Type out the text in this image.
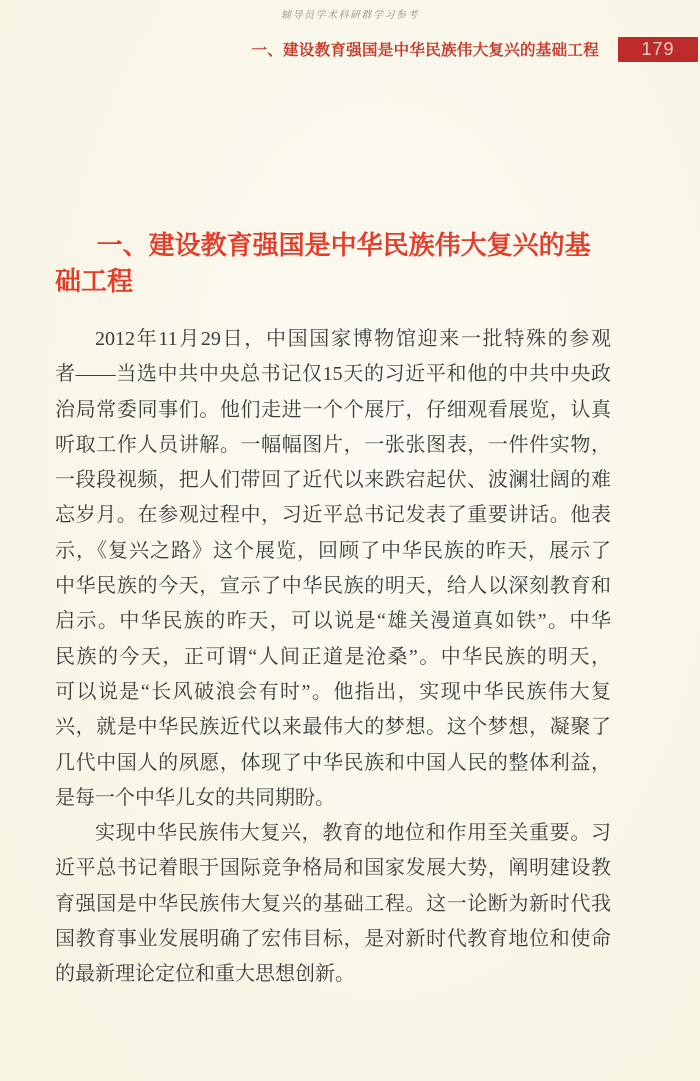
辅导员学术科研群学习参考
一、建设教育强国是中华民族伟大复兴的基础工程	179
一、建设教育强国是中华民族伟大复兴的基
础工程
2012年11月29日，中国国家博物馆迎来一批特殊的参观
者——当选中共中央总书记仅15天的习近平和他的中共中央政
治局常委同事们。他们走进一个个展厅，仔细观看展览，认真
听取工作人员讲解。一幅幅图片，一张张图表，一件件实物，
一段段视频，把人们带回了近代以来跌宕起伏、波澜壮阔的难
忘岁月。在参观过程中，习近平总书记发表了重要讲话。他表
示，《复兴之路》这个展览，回顾了中华民族的昨天，展示了
中华民族的今天，宣示了中华民族的明天，给人以深刻教育和
启示。中华民族的昨天，可以说是“雄关漫道真如铁”。中华
民族的今天，正可谓“人间正道是沧桑”。中华民族的明天，
可以说是“长风破浪会有时”。他指出，实现中华民族伟大复
兴，就是中华民族近代以来最伟大的梦想。这个梦想，凝聚了
几代中国人的夙愿，体现了中华民族和中国人民的整体利益，
是每一个中华儿女的共同期盼。
实现中华民族伟大复兴，教育的地位和作用至关重要。习
近平总书记着眼于国际竞争格局和国家发展大势，阐明建设教
育强国是中华民族伟大复兴的基础工程。这一论断为新时代我
国教育事业发展明确了宏伟目标，是对新时代教育地位和使命
的最新理论定位和重大思想创新。
